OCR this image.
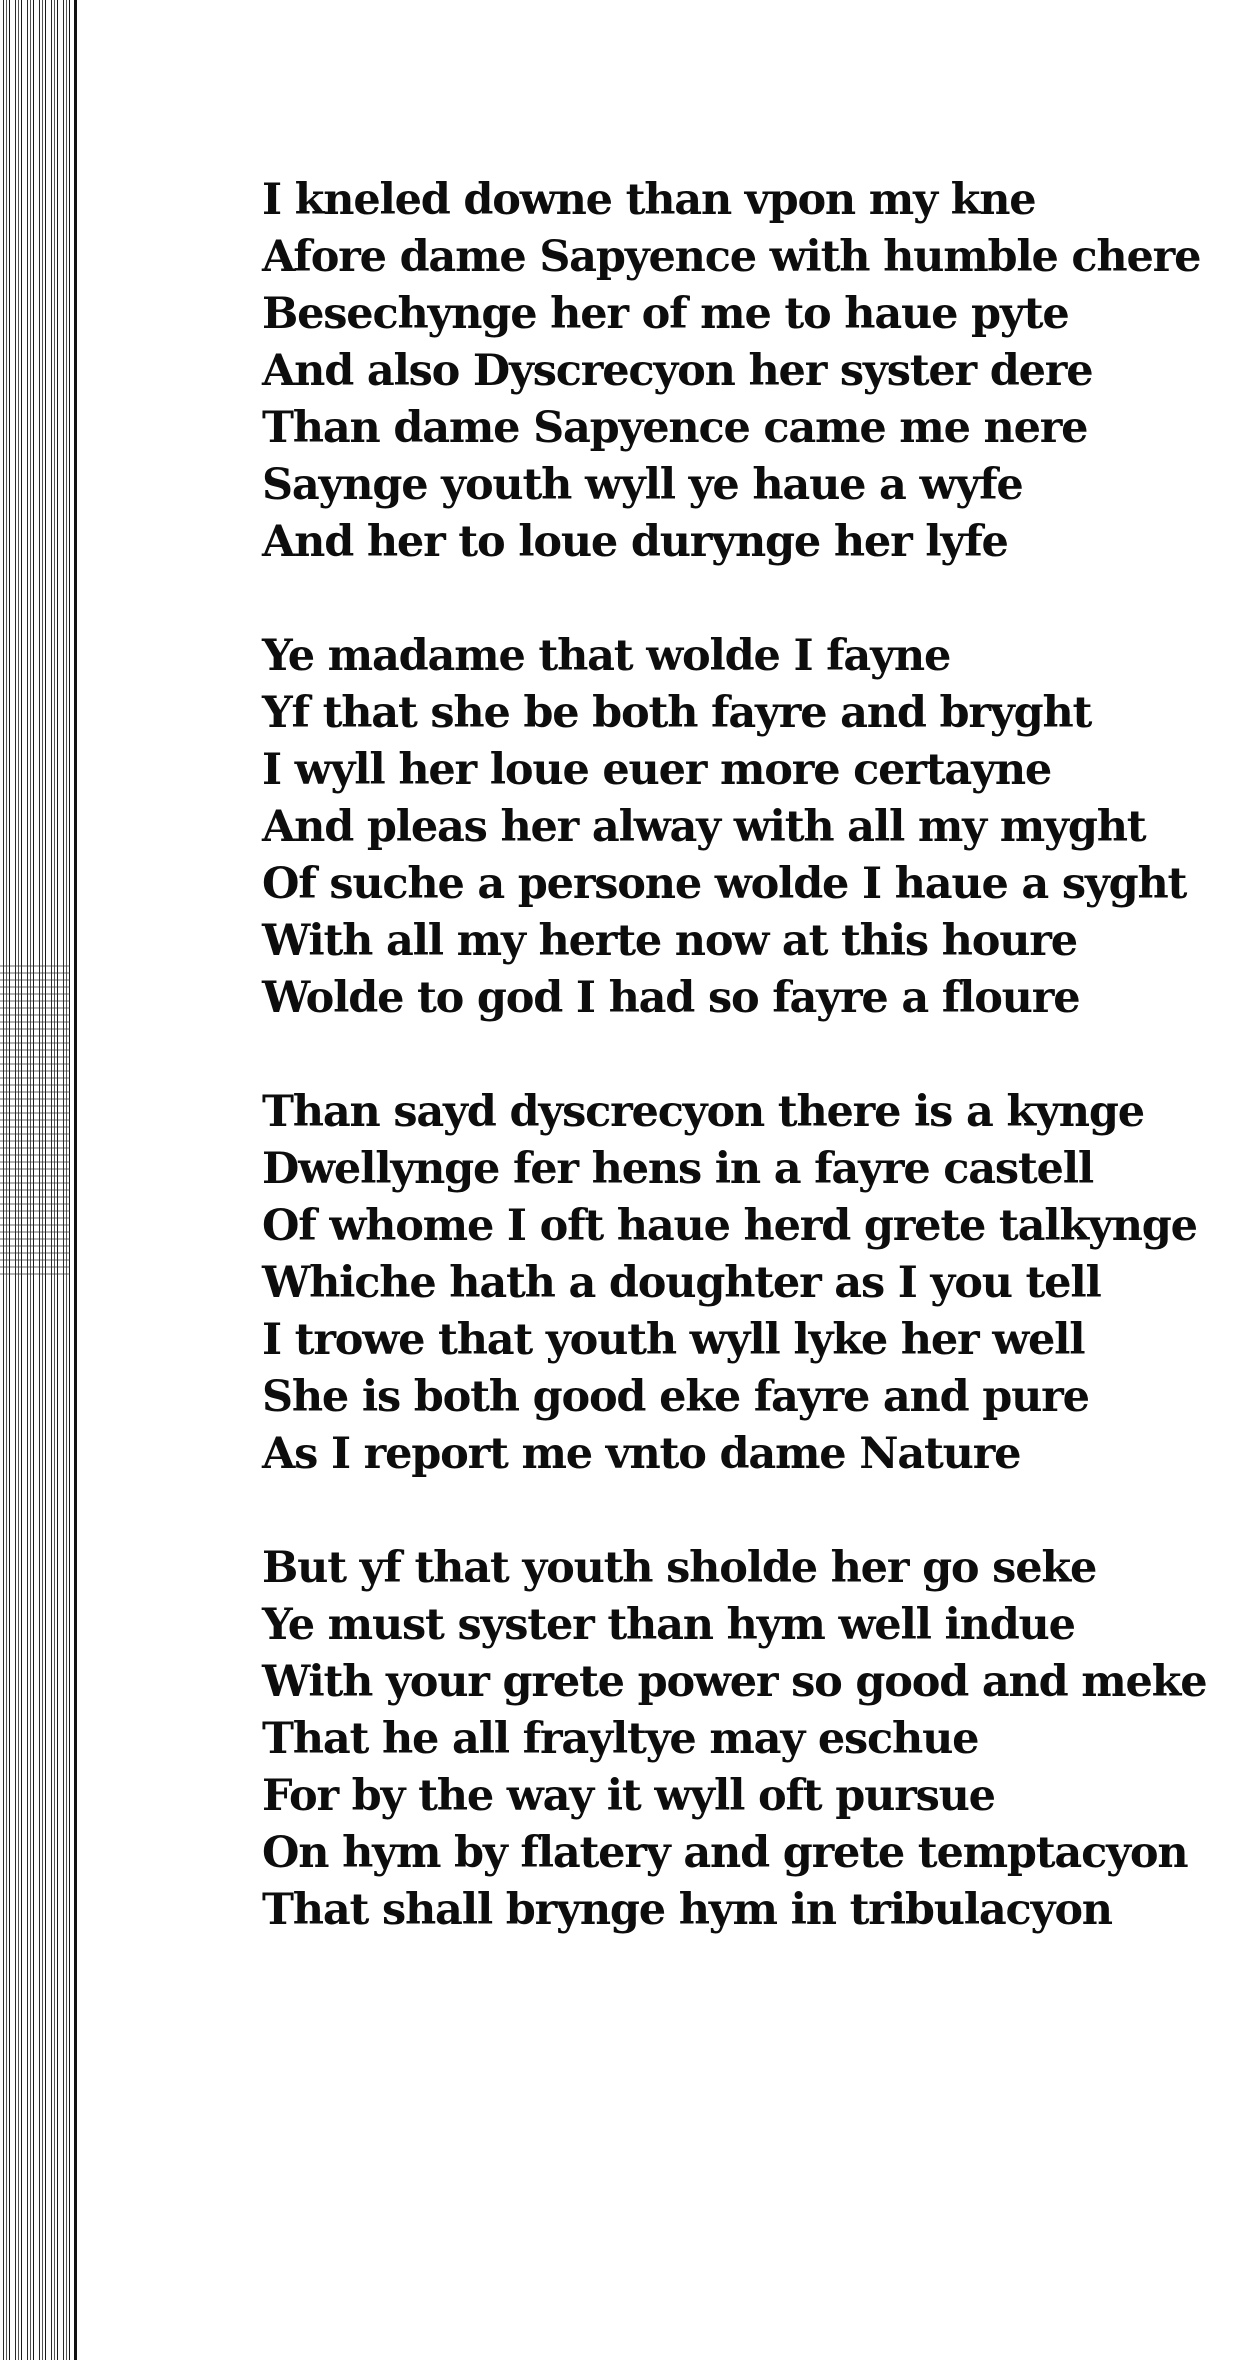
I kneled downe than vpon my kne
Afore dame Sapyence with humble chere
Besechynge her of me to haue pyte
And also Dyscrecyon her syster dere
Than dame Sapyence came me nere
Saynge youth wyll ye haue a wyfe
And her to loue durynge her lyfe
Ye madame that wolde I fayne
Yf that she be both fayre and bryght
I wyll her loue euer more certayne
And pleas her alway with all my myght
Of suche a persone wolde I haue a syght
With all my herte now at this houre
Wolde to god I had so fayre a floure
Than sayd dyscrecyon there is a kynge
Dwellynge fer hens in a fayre castell
Of whome I oft haue herd grete talkynge
Whiche hath a doughter as I you tell
I trowe that youth wyll lyke her well
She is both good eke fayre and pure
As I report me vnto dame Nature
But yf that youth sholde her go seke
Ye must syster than hym well indue
With your grete power so good and meke
That he all frayltye may eschue
For by the way it wyll oft pursue
On hym by flatery and grete temptacyon
That shall brynge hym in tribulacyon
